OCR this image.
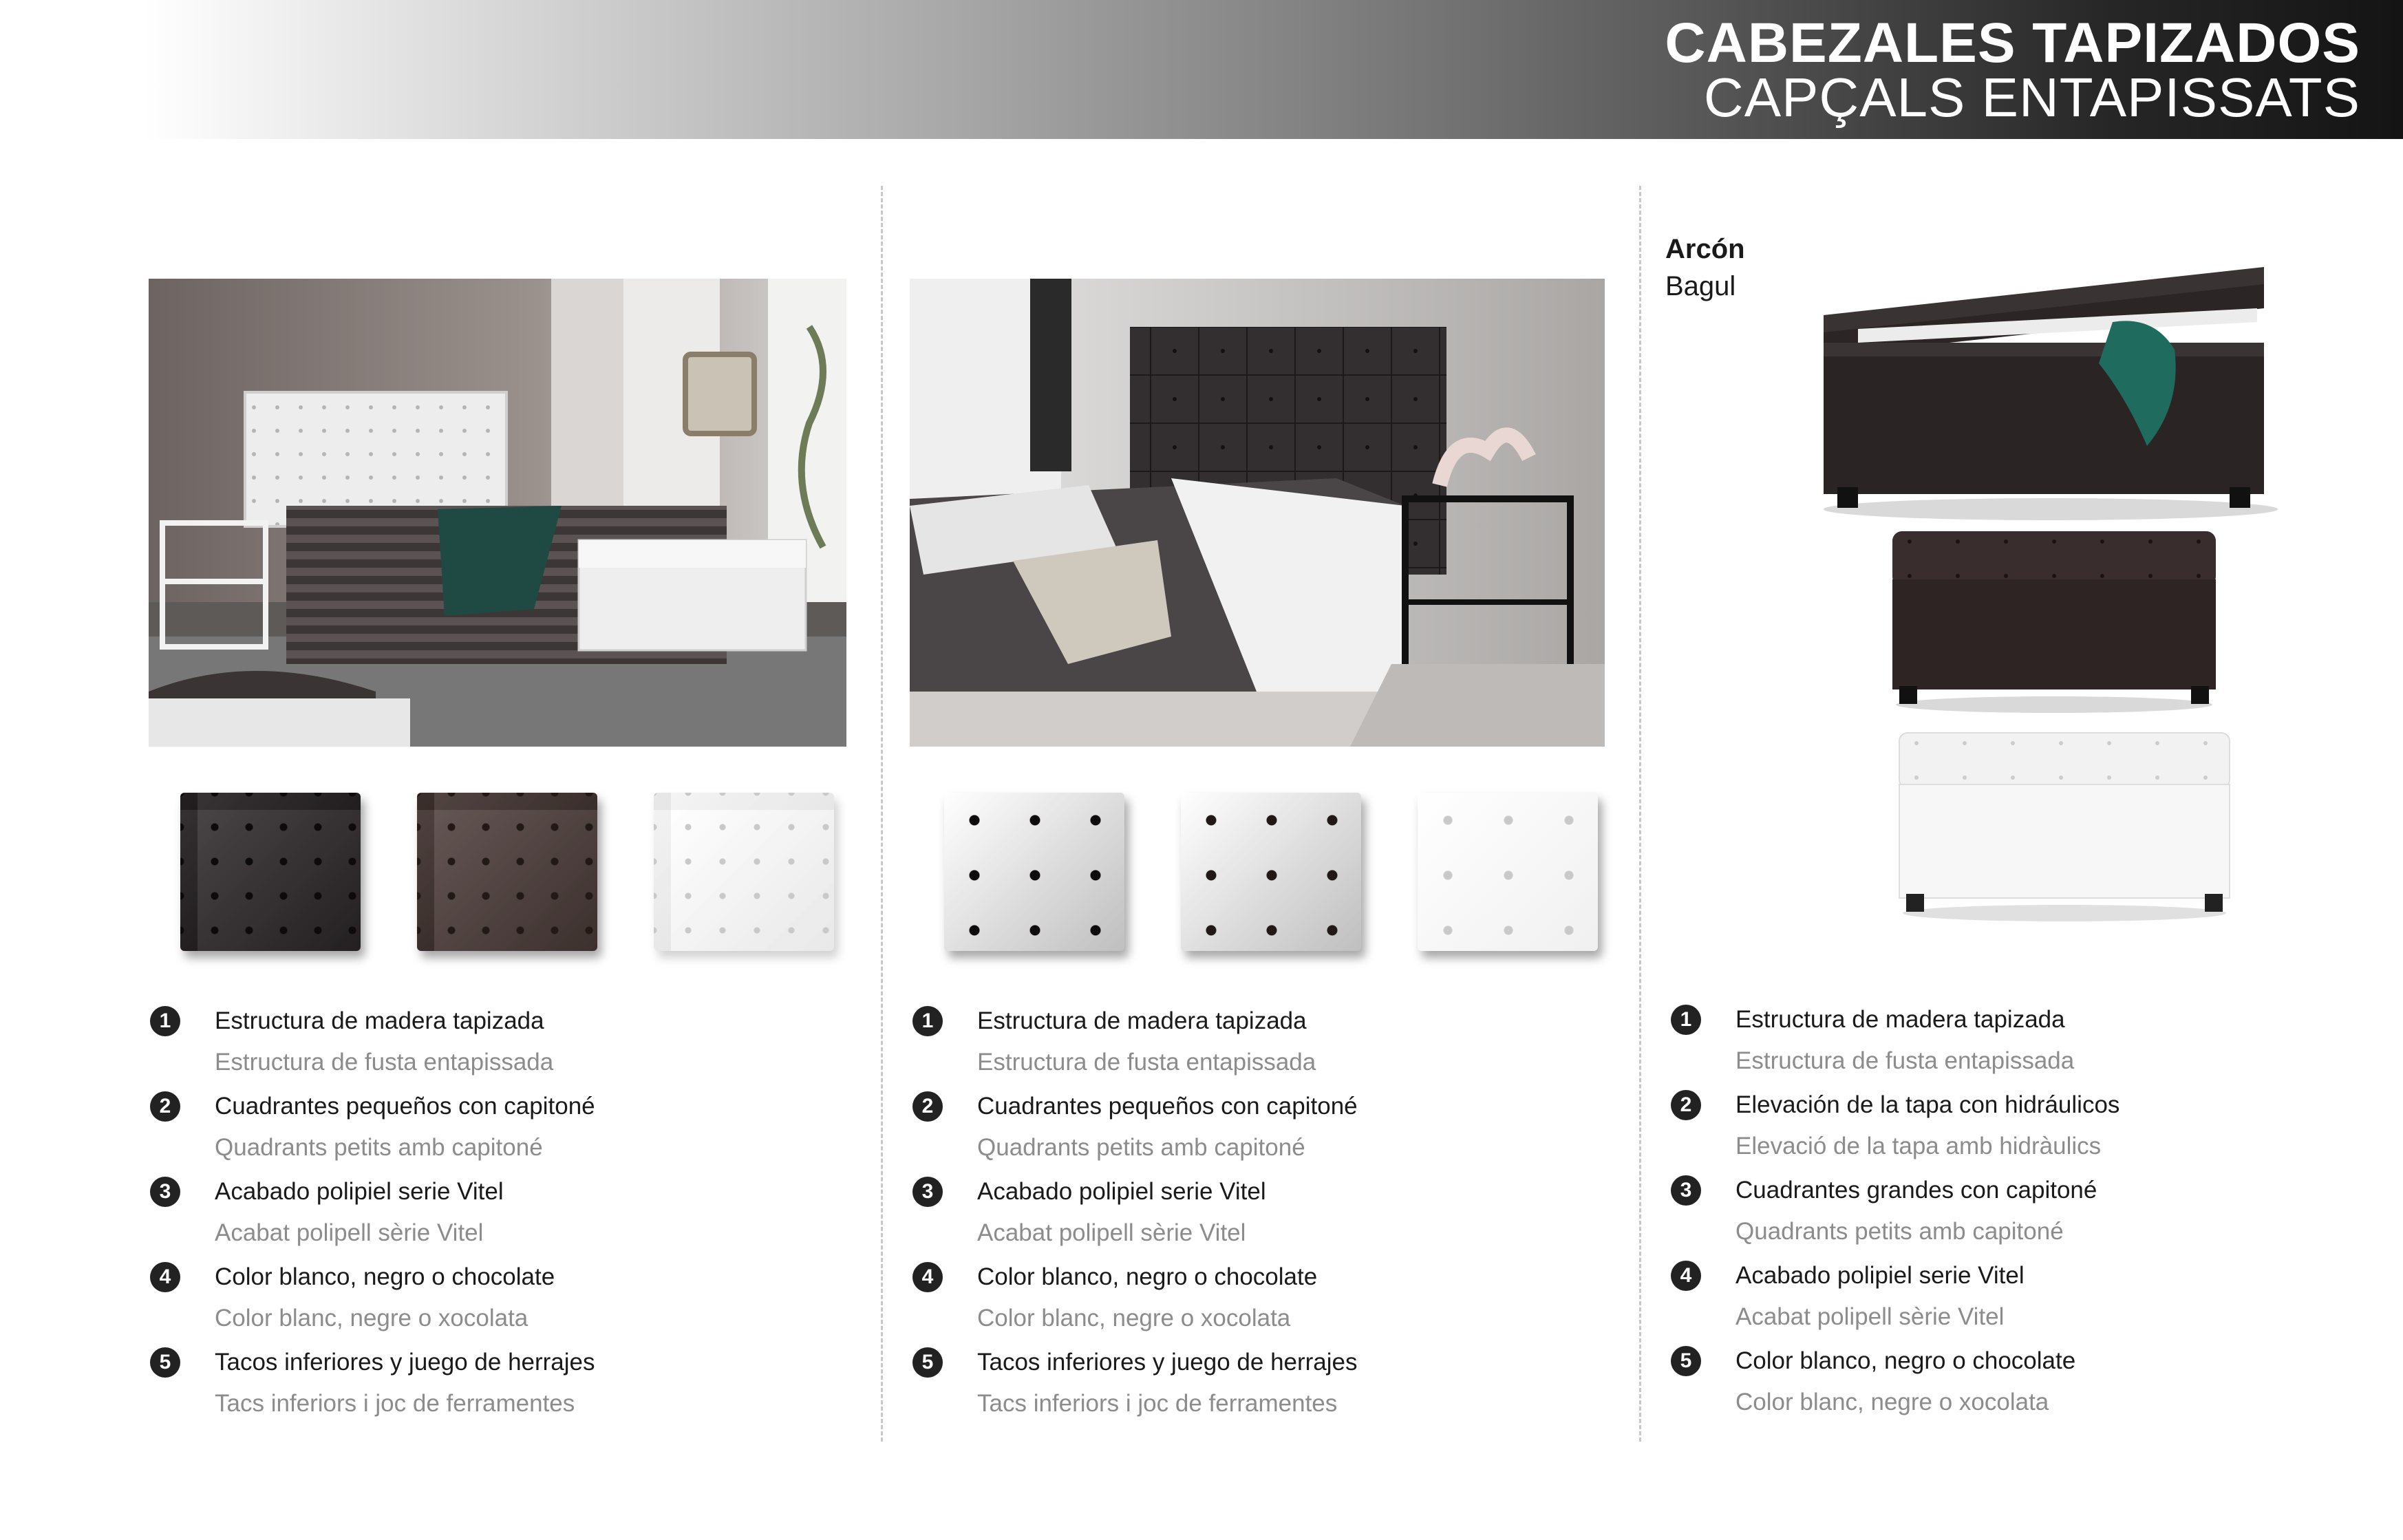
CABEZALES TAPIZADOS
CAPÇALS ENTAPISSATS
1	Estructura de madera tapizada
Estructura de fusta entapissada
2	Cuadrantes pequeños con capitoné
Quadrants petits amb capitoné
3	Acabado polipiel serie Vitel
Acabat polipell sèrie Vitel
4	Color blanco, negro o chocolate
Color blanc, negre o xocolata
5	Tacos inferiores y juego de herrajes
Tacs inferiors i joc de ferramentes
1	Estructura de madera tapizada
Estructura de fusta entapissada
2	Cuadrantes pequeños con capitoné
Quadrants petits amb capitoné
3	Acabado polipiel serie Vitel
Acabat polipell sèrie Vitel
4	Color blanco, negro o chocolate
Color blanc, negre o xocolata
5	Tacos inferiores y juego de herrajes
Tacs inferiors i joc de ferramentes
Arcón
Bagul
1	Estructura de madera tapizada
Estructura de fusta entapissada
2	Elevación de la tapa con hidráulicos
Elevació de la tapa amb hidràulics
3	Cuadrantes grandes con capitoné
Quadrants petits amb capitoné
4	Acabado polipiel serie Vitel
Acabat polipell sèrie Vitel
5	Color blanco, negro o chocolate
Color blanc, negre o xocolata
